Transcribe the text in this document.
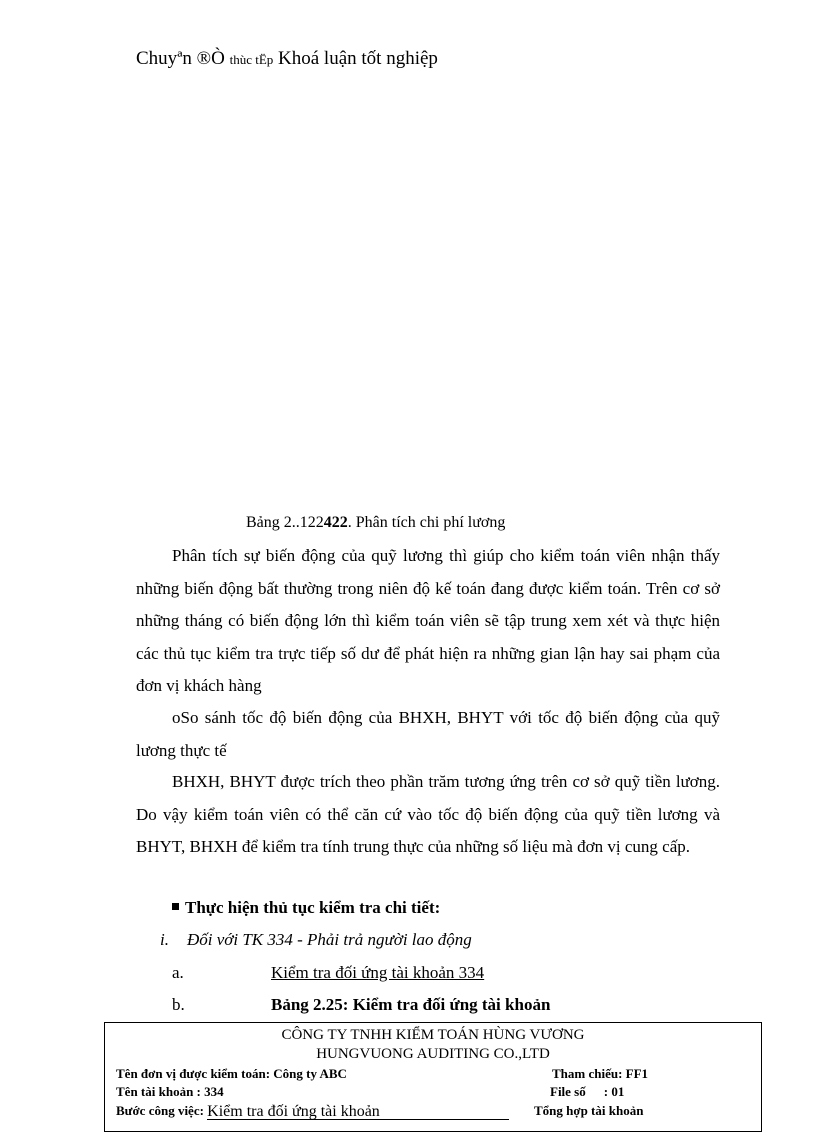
Chuyªn ®Ò thùc tËp Khoá luận tốt nghiệp
Bảng 2..122422. Phân tích chi phí lương
Phân tích sự biến động của quỹ lương thì giúp cho kiểm toán viên nhận thấy những biến động bất thường trong niên độ kế toán đang được kiểm toán. Trên cơ sở những tháng có biến động lớn thì kiểm toán viên sẽ tập trung xem xét và thực hiện các thủ tục kiểm tra trực tiếp số dư để phát hiện ra những gian lận hay sai phạm của đơn vị khách hàng
oSo sánh tốc độ biến động của BHXH, BHYT với tốc độ biến động của quỹ lương thực tế
BHXH, BHYT được trích theo phần trăm tương ứng trên cơ sở quỹ tiền lương. Do vậy kiểm toán viên có thể căn cứ vào tốc độ biến động của quỹ tiền lương và BHYT, BHXH để kiểm tra tính trung thực của những số liệu mà đơn vị cung cấp.
Thực hiện thủ tục kiểm tra chi tiết:
i. Đối với TK 334 - Phải trả người lao động
a.	Kiểm tra đối ứng tài khoản 334
b.	Bảng 2.25: Kiểm tra đối ứng tài khoản
CÔNG TY TNHH KIỂM TOÁN HÙNG VƯƠNG
HUNGVUONG AUDITING CO.,LTD
Tên đơn vị được kiểm toán: Công ty ABC	Tham chiếu: FF1
Tên tài khoản : 334	File số : 01
Bước công việc: Kiểm tra đối ứng tài khoản	Tổng hợp tài khoản
